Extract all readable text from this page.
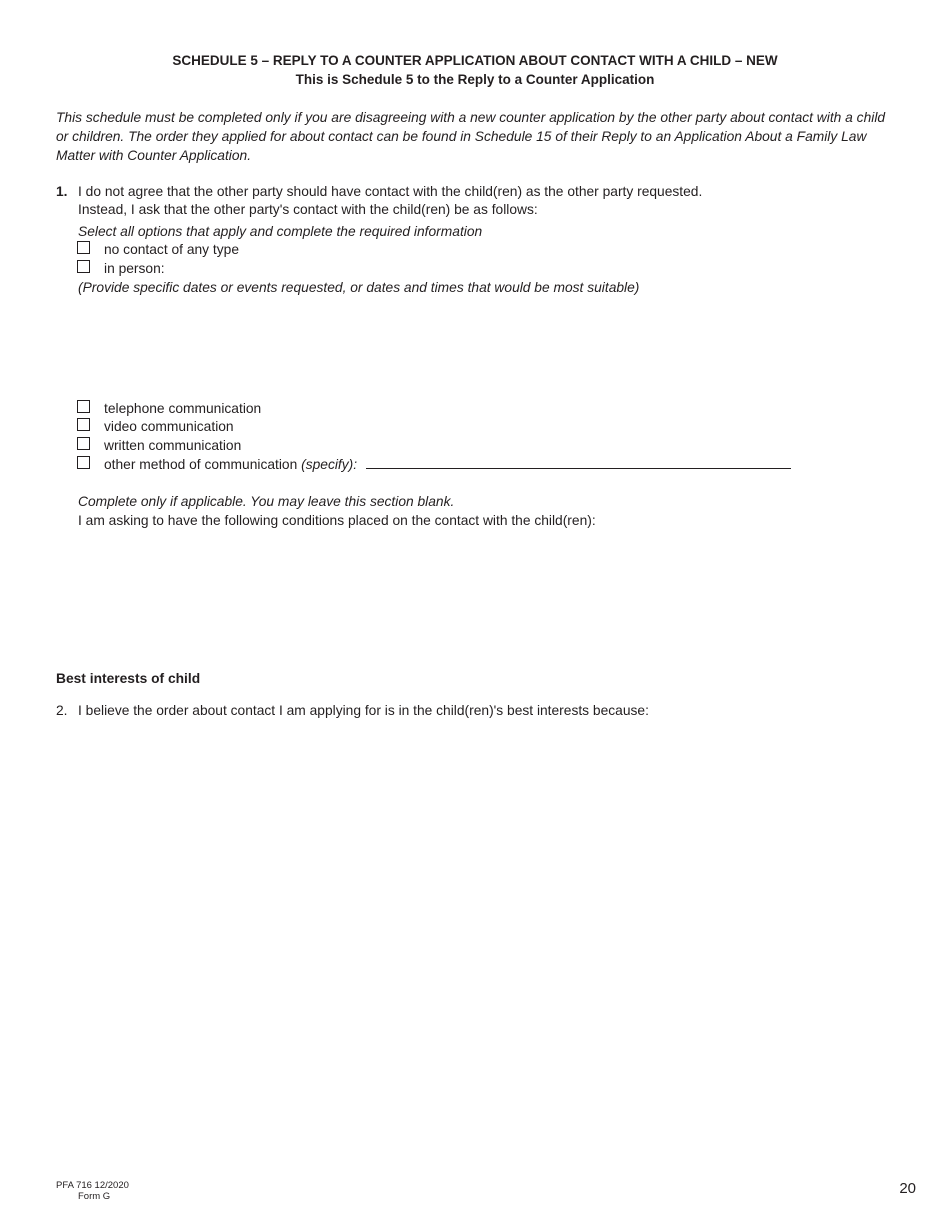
SCHEDULE 5 – REPLY TO A COUNTER APPLICATION ABOUT CONTACT WITH A CHILD – NEW
This is Schedule 5 to the Reply to a Counter Application
This schedule must be completed only if you are disagreeing with a new counter application by the other party about contact with a child or children. The order they applied for about contact can be found in Schedule 15 of their Reply to an Application About a Family Law Matter with Counter Application.
1. I do not agree that the other party should have contact with the child(ren) as the other party requested.
Instead, I ask that the other party's contact with the child(ren) be as follows:
Select all options that apply and complete the required information
no contact of any type
in person:
(Provide specific dates or events requested, or dates and times that would be most suitable)
telephone communication
video communication
written communication
other method of communication (specify):
Complete only if applicable. You may leave this section blank.
I am asking to have the following conditions placed on the contact with the child(ren):
Best interests of child
2. I believe the order about contact I am applying for is in the child(ren)'s best interests because:
PFA 716 12/2020
Form G	20
